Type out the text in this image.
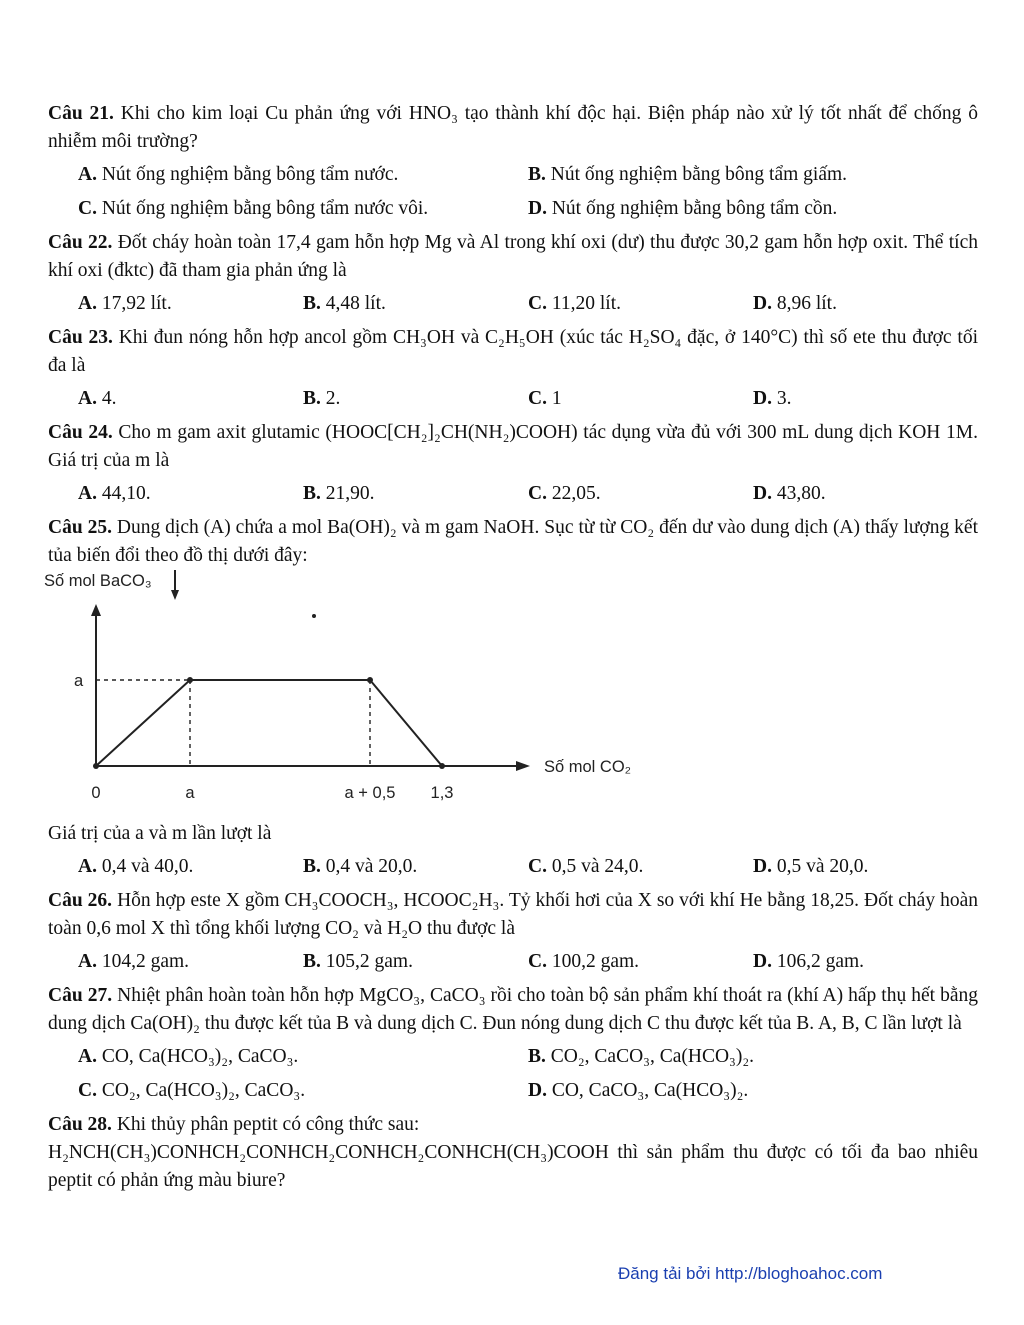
Câu 21. Khi cho kim loại Cu phản ứng với HNO₃ tạo thành khí độc hại. Biện pháp nào xử lý tốt nhất để chống ô nhiễm môi trường?

A. Nút ống nghiệm bằng bông tẩm nước.	B. Nút ống nghiệm bằng bông tẩm giấm.
C. Nút ống nghiệm bằng bông tẩm nước vôi.	D. Nút ống nghiệm bằng bông tẩm cồn.

Câu 22. Đốt cháy hoàn toàn 17,4 gam hỗn hợp Mg và Al trong khí oxi (dư) thu được 30,2 gam hỗn hợp oxit. Thể tích khí oxi (đktc) đã tham gia phản ứng là

A. 17,92 lít.	B. 4,48 lít.	C. 11,20 lít.	D. 8,96 lít.

Câu 23. Khi đun nóng hỗn hợp ancol gồm CH₃OH và C₂H₅OH (xúc tác H₂SO₄ đặc, ở 140°C) thì số ete thu được tối đa là

A. 4.	B. 2.	C. 1	D. 3.

Câu 24. Cho m gam axit glutamic (HOOC[CH₂]₂CH(NH₂)COOH) tác dụng vừa đủ với 300 mL dung dịch KOH 1M. Giá trị của m là

A. 44,10.	B. 21,90.	C. 22,05.	D. 43,80.

Câu 25. Dung dịch (A) chứa a mol Ba(OH)₂ và m gam NaOH. Sục từ từ CO₂ đến dư vào dung dịch (A) thấy lượng kết tủa biến đổi theo đồ thị dưới đây:

Số mol BaCO₃
Số mol CO₂
0	a	a + 0,5 1,3
a

Giá trị của a và m lần lượt là

A. 0,4 và 40,0.	B. 0,4 và 20,0.	C. 0,5 và 24,0.	D. 0,5 và 20,0.

Câu 26. Hỗn hợp este X gồm CH₃COOCH₃, HCOOC₂H₃. Tỷ khối hơi của X so với khí He bằng 18,25. Đốt cháy hoàn toàn 0,6 mol X thì tổng khối lượng CO₂ và H₂O thu được là

A. 104,2 gam.	B. 105,2 gam.	C. 100,2 gam.	D. 106,2 gam.

Câu 27. Nhiệt phân hoàn toàn hỗn hợp MgCO₃, CaCO₃ rồi cho toàn bộ sản phẩm khí thoát ra (khí A) hấp thụ hết bằng dung dịch Ca(OH)₂ thu được kết tủa B và dung dịch C. Đun nóng dung dịch C thu được kết tủa B. A, B, C lần lượt là

A. CO, Ca(HCO₃)₂, CaCO₃.	B. CO₂, CaCO₃, Ca(HCO₃)₂.
C. CO₂, Ca(HCO₃)₂, CaCO₃.	D. CO, CaCO₃, Ca(HCO₃)₂.

Câu 28. Khi thủy phân peptit có công thức sau:

H₂NCH(CH₃)CONHCH₂CONHCH₂CONHCH₂CONHCH(CH₃)COOH thì sản phẩm thu được có tối đa bao nhiêu peptit có phản ứng màu biure?

Đăng tải bởi http://bloghoahoc.com
